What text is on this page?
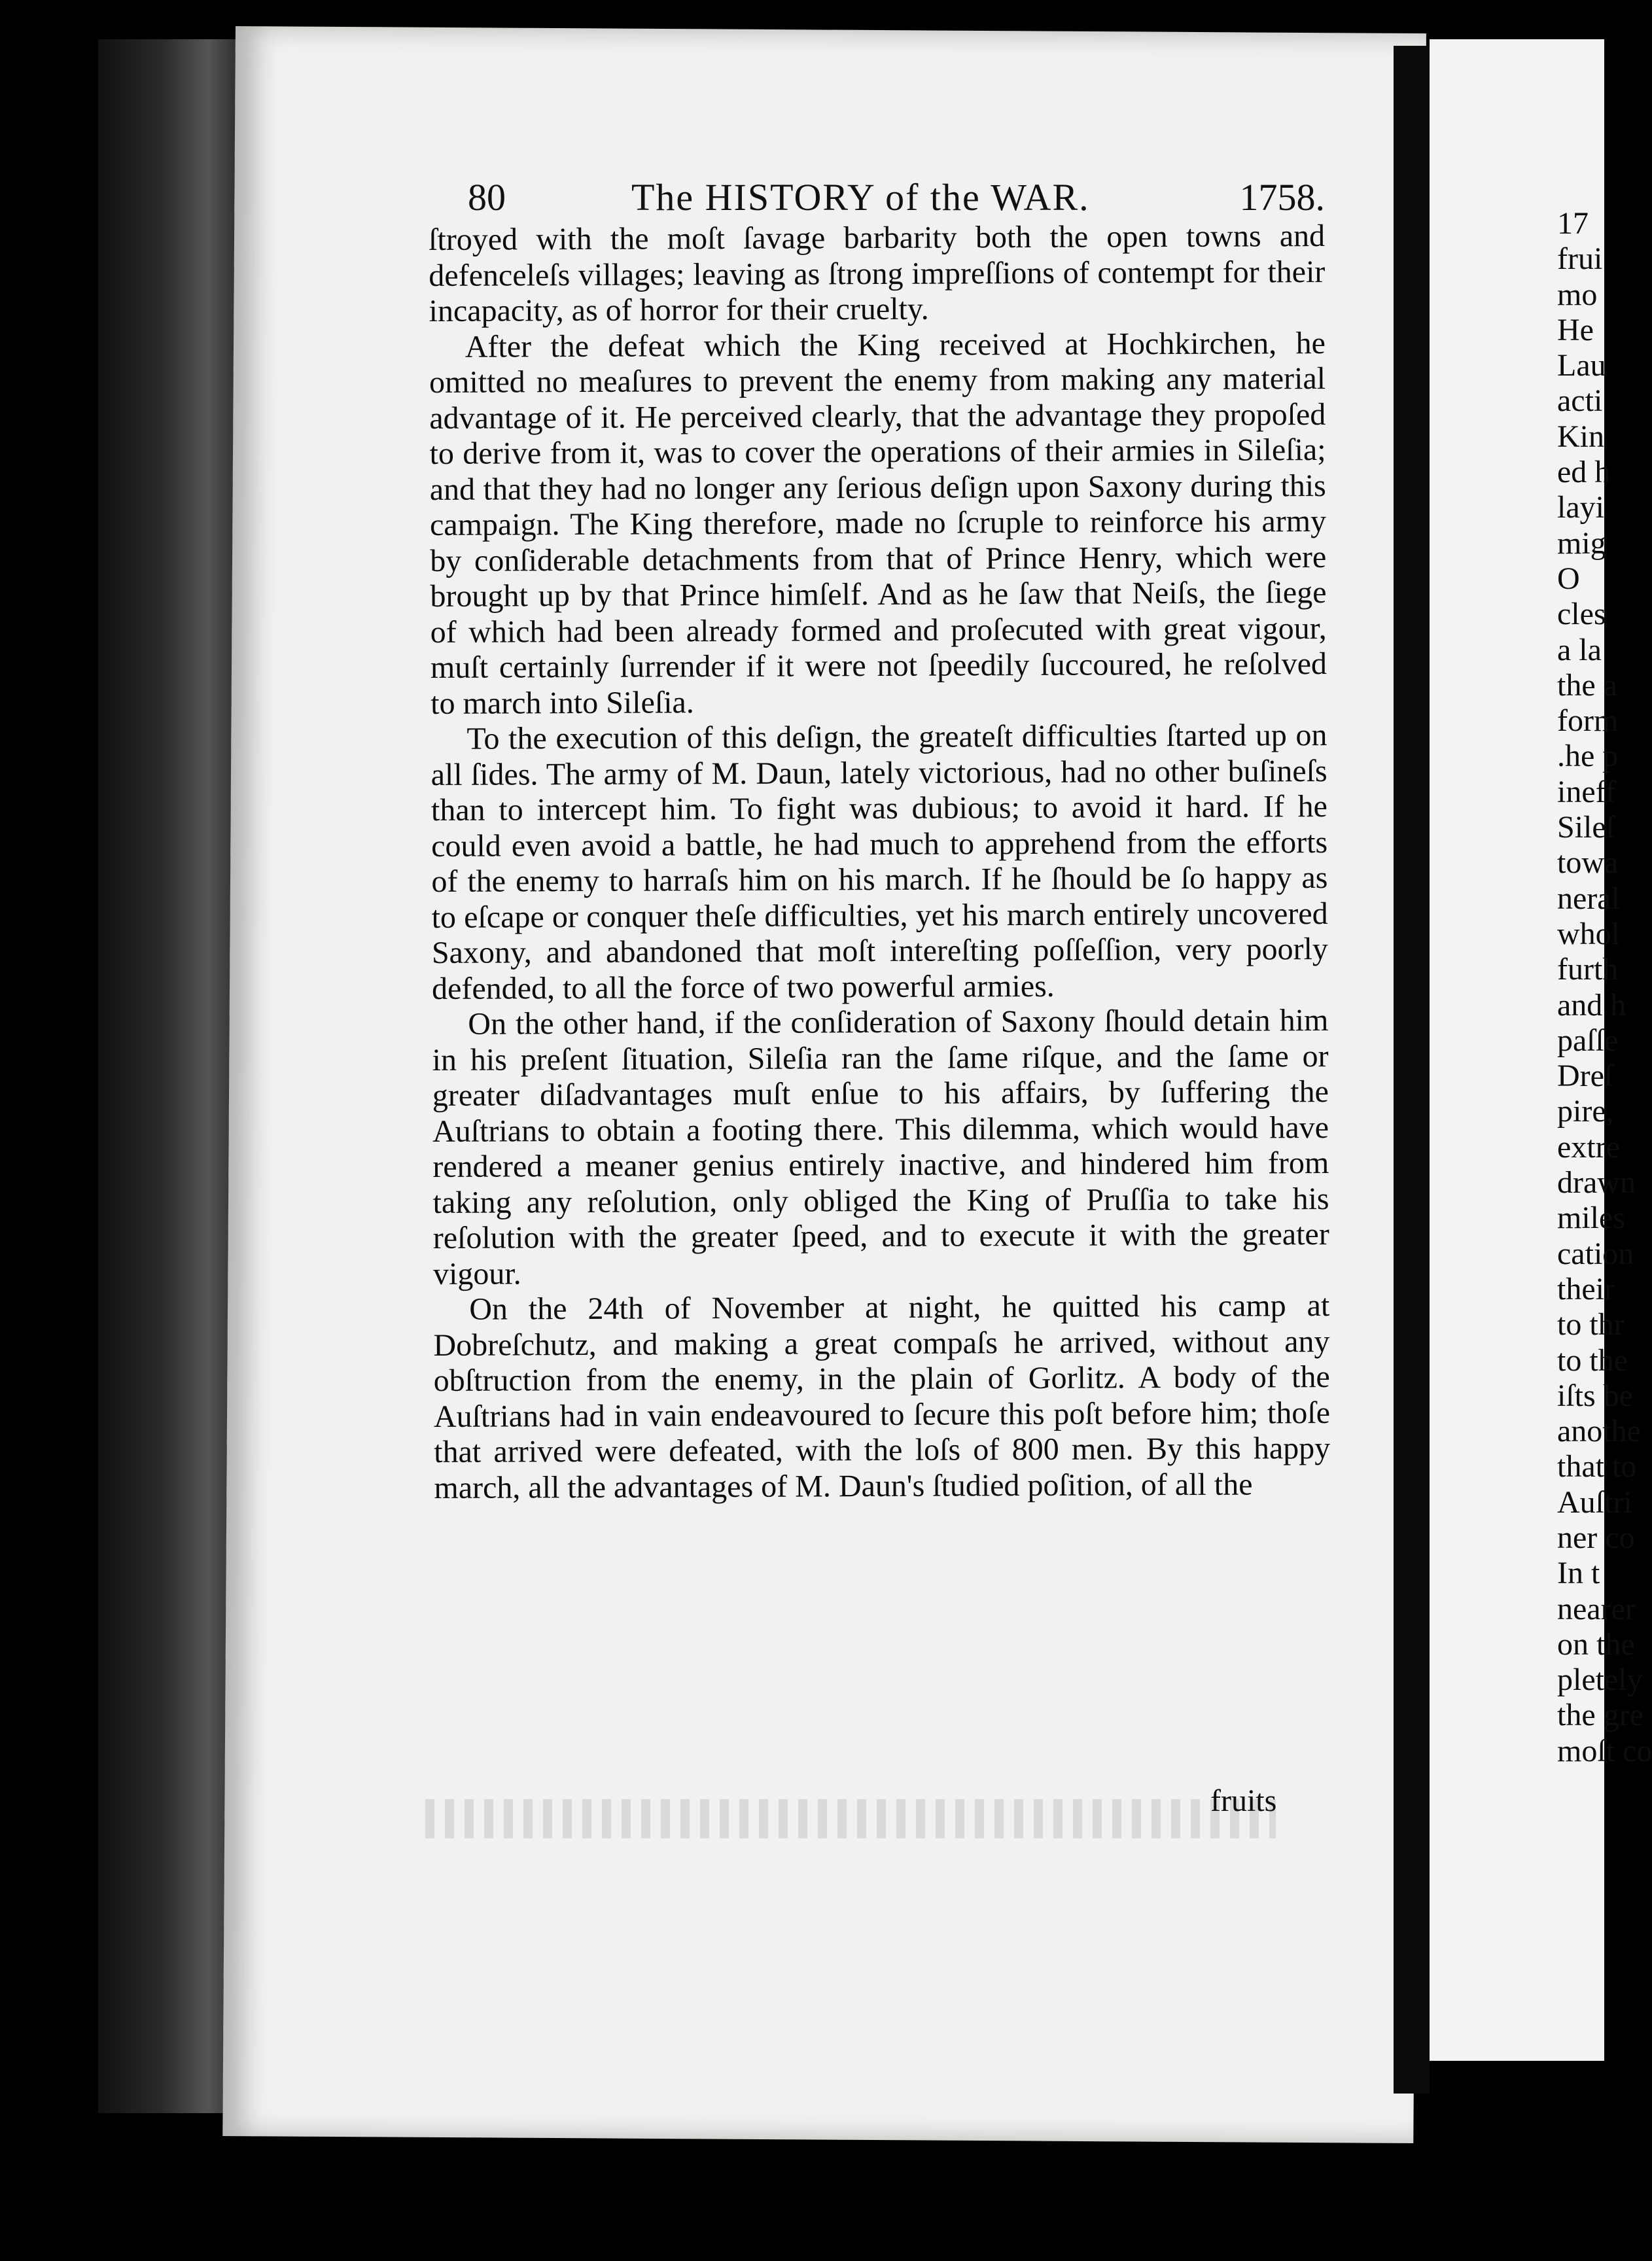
80	The HISTORY of the WAR.	1758.

ſtroyed with the moſt ſavage barbarity both the open towns and defenceleſs villages; leaving as ſtrong impreſſions of contempt for their incapacity, as of horror for their cruelty.

After the defeat which the King received at Hochkirchen, he omitted no meaſures to prevent the enemy from making any material advantage of it. He perceived clearly, that the advantage they propoſed to derive from it, was to cover the operations of their armies in Sileſia; and that they had no longer any ſerious deſign upon Saxony during this campaign. The King therefore, made no ſcruple to reinforce his army by conſiderable detachments from that of Prince Henry, which were brought up by that Prince himſelf. And as he ſaw that Neiſs, the ſiege of which had been already formed and proſecuted with great vigour, muſt certainly ſurrender if it were not ſpeedily ſuccoured, he reſolved to march into Sileſia.

To the execution of this deſign, the greateſt difficulties ſtarted up on all ſides. The army of M. Daun, lately victorious, had no other buſineſs than to intercept him. To fight was dubious; to avoid it hard. If he could even avoid a battle, he had much to apprehend from the efforts of the enemy to harraſs him on his march. If he ſhould be ſo happy as to eſcape or conquer theſe difficulties, yet his march entirely uncovered Saxony, and abandoned that moſt intereſting poſſeſſion, very poorly defended, to all the force of two powerful armies.

On the other hand, if the conſideration of Saxony ſhould detain him in his preſent ſituation, Sileſia ran the ſame riſque, and the ſame or greater diſadvantages muſt enſue to his affairs, by ſuffering the Auſtrians to obtain a footing there. This dilemma, which would have rendered a meaner genius entirely inactive, and hindered him from taking any reſolution, only obliged the King of Pruſſia to take his reſolution with the greater ſpeed, and to execute it with the greater vigour.

On the 24th of November at night, he quitted his camp at Dobreſchutz, and making a great compaſs he arrived, without any obſtruction from the enemy, in the plain of Gorlitz. A body of the Auſtrians had in vain endeavoured to ſecure this poſt before him; thoſe that arrived were defeated, with the loſs of 800 men. By this happy march, all the advantages of M. Daun's ſtudied poſition, of all the

fruits
17
frui
mo
He
Lau
acti
Kin
ed h
layi
mig
O
cles
a la
the a
form
.he p
ineff
Sileſ
towa
neral
whol
furth
and h
paſſe
Dreſ
pire,
extre
drawn
miles
cation
their
to thr
to the
iſts be
anothe
that to
Auſtri
ner co
In t
nearer
on the
pletely
the gre
moſt co
